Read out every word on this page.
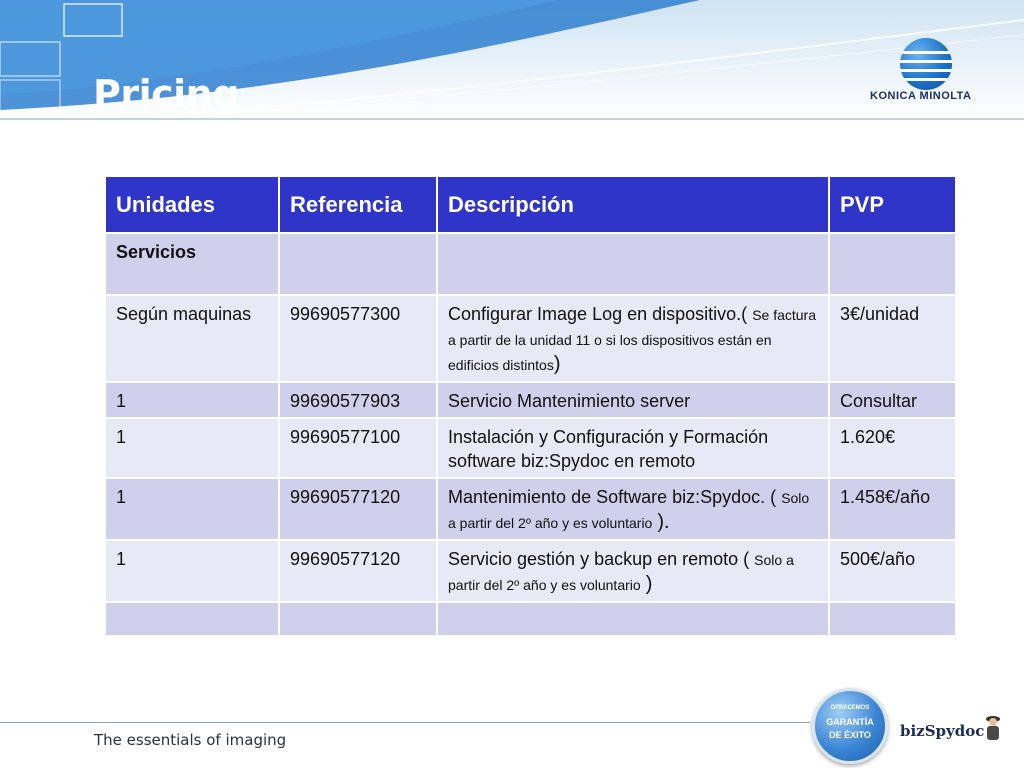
Pricing	KONICA MINOLTA
Unidades	Referencia	Descripción	PVP
Servicios			
Según maquinas	99690577300	Configurar Image Log en dispositivo.( Se factura a partir de la unidad 11 o si los dispositivos están en edificios distintos)	3€/unidad
1	99690577903	Servicio Mantenimiento server	Consultar
1	99690577100	Instalación y Configuración y Formación software biz:Spydoc en remoto	1.620€
1	99690577120	Mantenimiento de Software biz:Spydoc. ( Solo a partir del 2º año y es voluntario ).	1.458€/año
1	99690577120	Servicio gestión y backup en remoto ( Solo a partir del 2º año y es voluntario )	500€/año

The essentials of imaging
OFRECEMOS
GARANTÍA
DE ÉXITO	bizSpydoc
